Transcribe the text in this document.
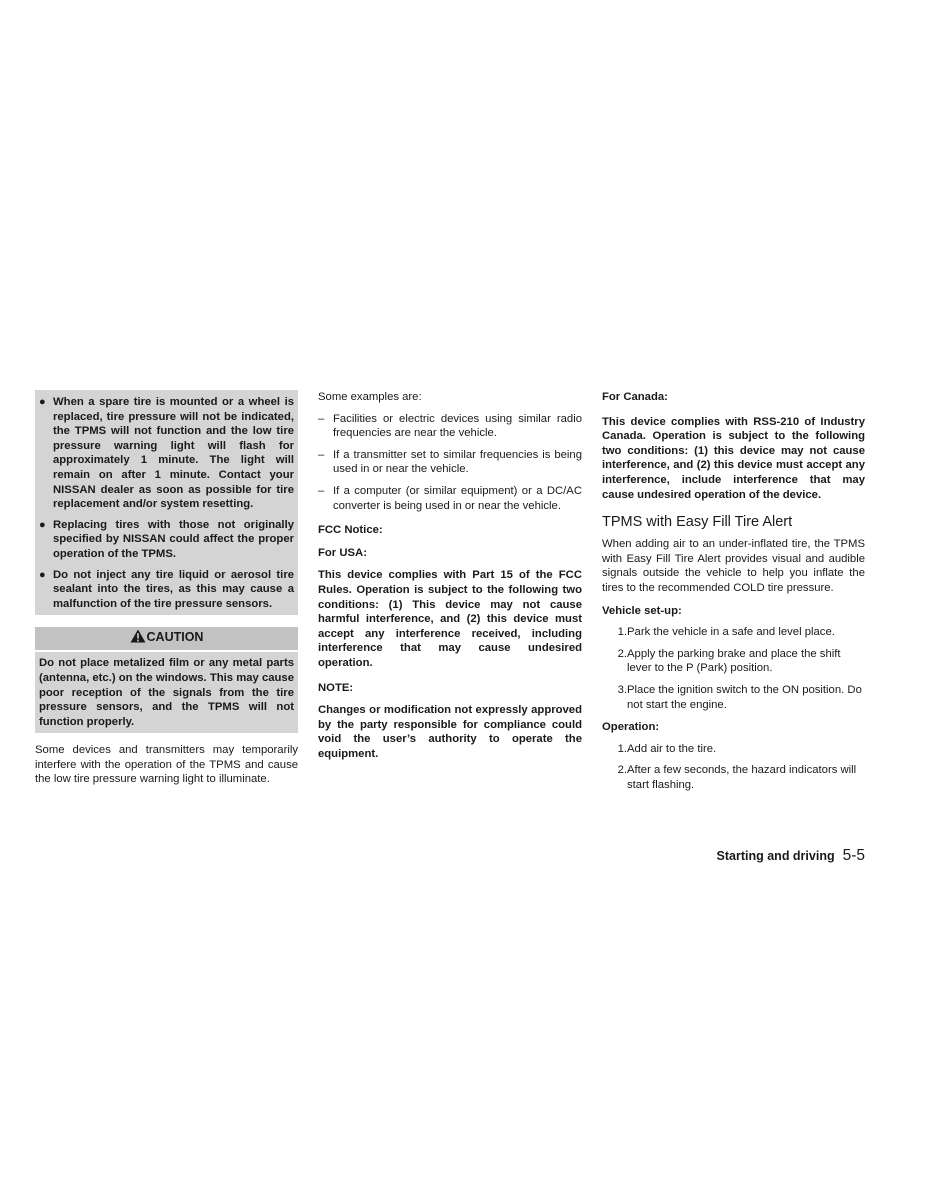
● When a spare tire is mounted or a wheel is replaced, tire pressure will not be indicated, the TPMS will not function and the low tire pressure warning light will flash for approximately 1 minute. The light will remain on after 1 minute. Contact your NISSAN dealer as soon as possible for tire replacement and/or system resetting.
● Replacing tires with those not originally specified by NISSAN could affect the proper operation of the TPMS.
● Do not inject any tire liquid or aerosol tire sealant into the tires, as this may cause a malfunction of the tire pressure sensors.
CAUTION
Do not place metalized film or any metal parts (antenna, etc.) on the windows. This may cause poor reception of the signals from the tire pressure sensors, and the TPMS will not function properly.

Some devices and transmitters may temporarily interfere with the operation of the TPMS and cause the low tire pressure warning light to illuminate.

Some examples are:

– Facilities or electric devices using similar radio frequencies are near the vehicle.
– If a transmitter set to similar frequencies is being used in or near the vehicle.
– If a computer (or similar equipment) or a DC/AC converter is being used in or near the vehicle.

FCC Notice:

For USA:

This device complies with Part 15 of the FCC Rules. Operation is subject to the following two conditions: (1) This device may not cause harmful interference, and (2) this device must accept any interference received, including interference that may cause undesired operation.

NOTE:

Changes or modification not expressly approved by the party responsible for compliance could void the user’s authority to operate the equipment.

For Canada:

This device complies with RSS-210 of Industry Canada. Operation is subject to the following two conditions: (1) this device may not cause interference, and (2) this device must accept any interference, include interference that may cause undesired operation of the device.

TPMS with Easy Fill Tire Alert

When adding air to an under-inflated tire, the TPMS with Easy Fill Tire Alert provides visual and audible signals outside the vehicle to help you inflate the tires to the recommended COLD tire pressure.

Vehicle set-up:

1. Park the vehicle in a safe and level place.
2. Apply the parking brake and place the shift lever to the P (Park) position.
3. Place the ignition switch to the ON position. Do not start the engine.

Operation:

1. Add air to the tire.
2. After a few seconds, the hazard indicators will start flashing.
Starting and driving 5-5
